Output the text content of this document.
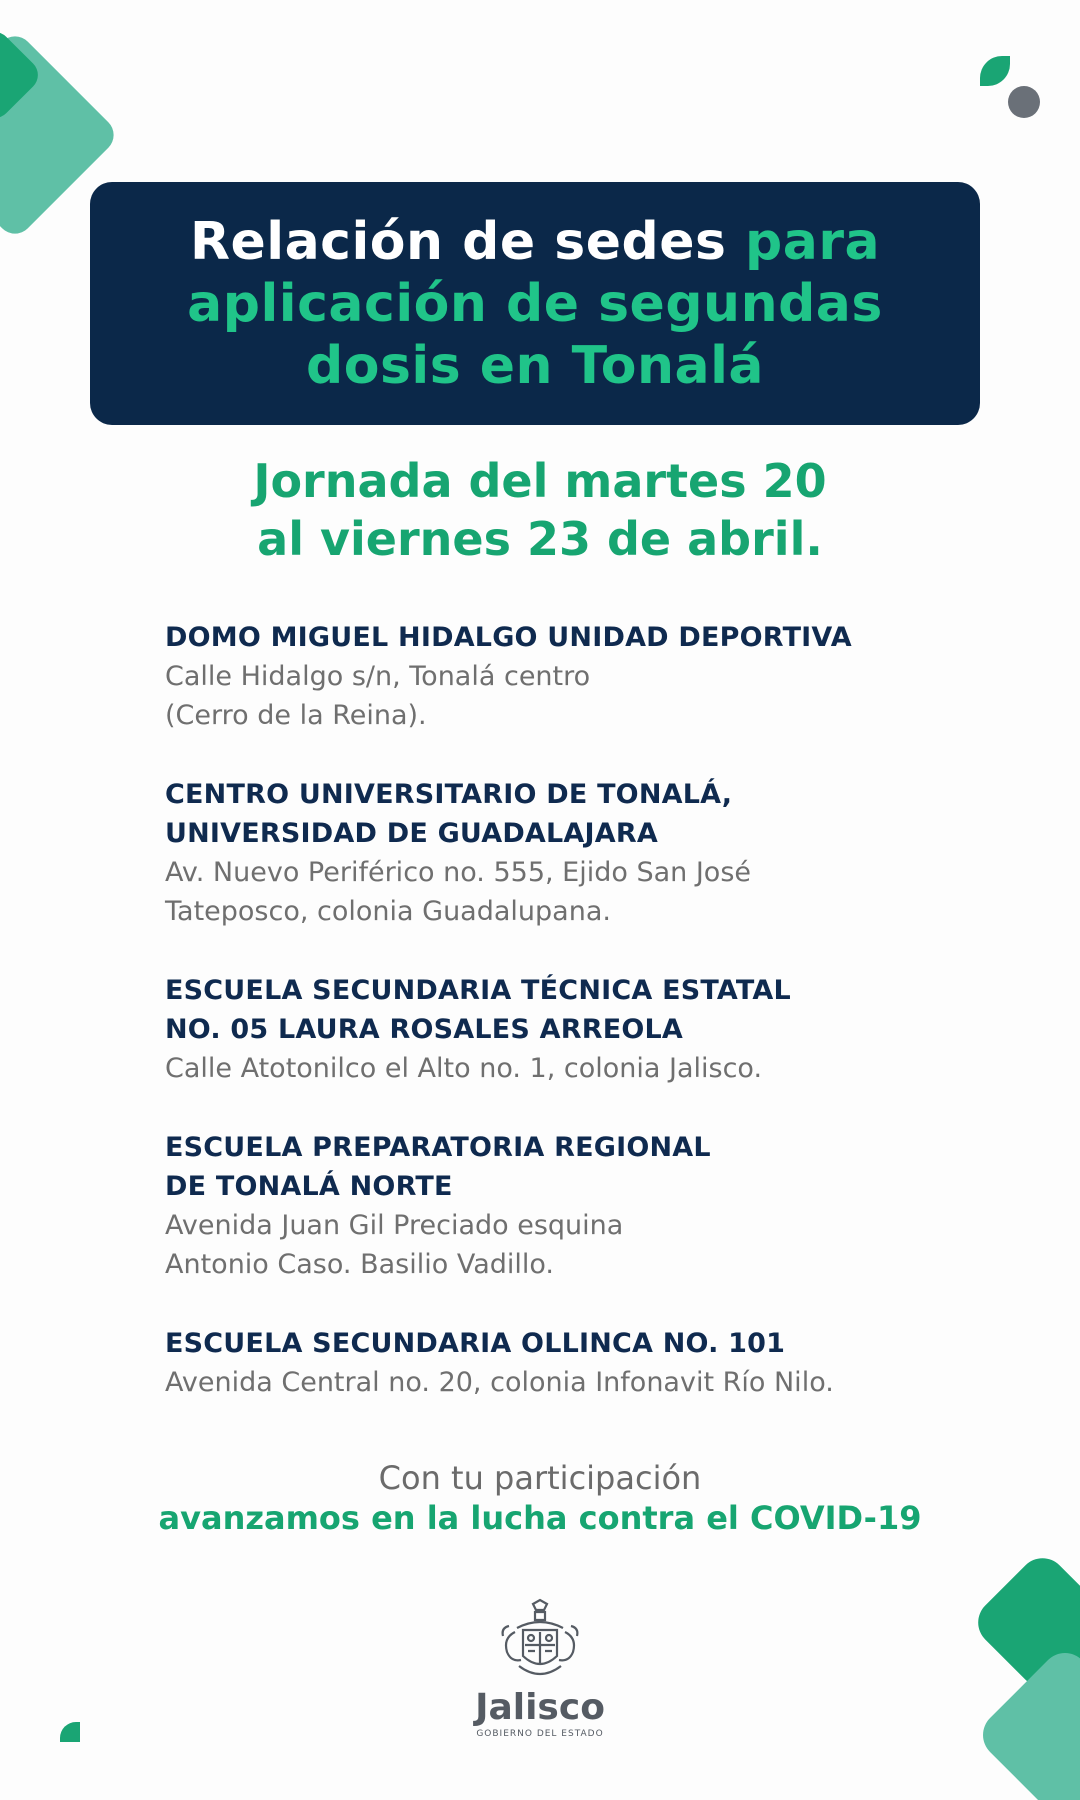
Relación de sedes para
aplicación de segundas
dosis en Tonalá
Jornada del martes 20
al viernes 23 de abril.
DOMO MIGUEL HIDALGO UNIDAD DEPORTIVA
Calle Hidalgo s/n, Tonalá centro
(Cerro de la Reina).
CENTRO UNIVERSITARIO DE TONALÁ,
UNIVERSIDAD DE GUADALAJARA
Av. Nuevo Periférico no. 555, Ejido San José
Tateposco, colonia Guadalupana.
ESCUELA SECUNDARIA TÉCNICA ESTATAL
NO. 05 LAURA ROSALES ARREOLA
Calle Atotonilco el Alto no. 1, colonia Jalisco.
ESCUELA PREPARATORIA REGIONAL
DE TONALÁ NORTE
Avenida Juan Gil Preciado esquina
Antonio Caso. Basilio Vadillo.
ESCUELA SECUNDARIA OLLINCA NO. 101
Avenida Central no. 20, colonia Infonavit Río Nilo.
Con tu participación
avanzamos en la lucha contra el COVID-19
Jalisco
GOBIERNO DEL ESTADO
